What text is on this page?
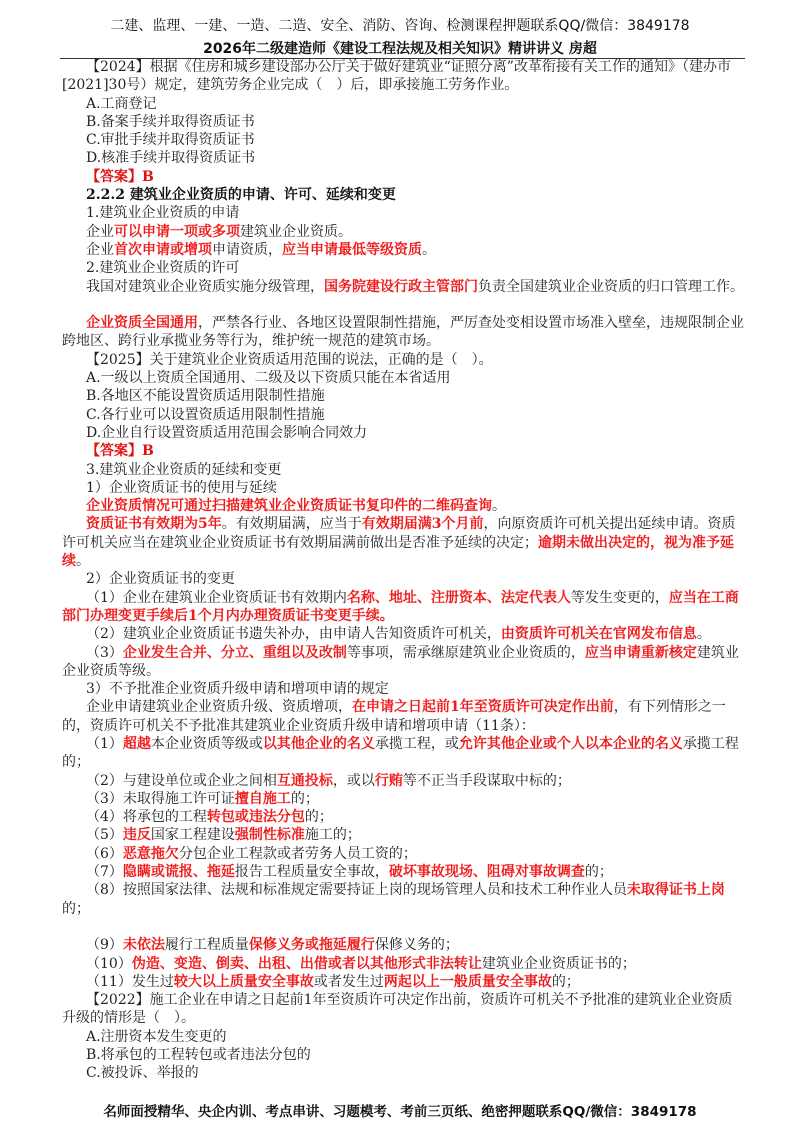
二建、监理、一建、一造、二造、安全、消防、咨询、检测课程押题联系QQ/微信：3849178
2026年二级建造师《建设工程法规及相关知识》精讲讲义 房超

【2024】根据《住房和城乡建设部办公厅关于做好建筑业“证照分离”改革衔接有关工作的通知》（建办市[2021]30号）规定，建筑劳务企业完成（　）后，即承接施工劳务作业。

A.工商登记

B.备案手续并取得资质证书

C.审批手续并取得资质证书

D.核准手续并取得资质证书

【答案】B

2.2.2 建筑业企业资质的申请、许可、延续和变更

1.建筑业企业资质的申请

企业可以申请一项或多项建筑业企业资质。

企业首次申请或增项申请资质，应当申请最低等级资质。

2.建筑业企业资质的许可

我国对建筑业企业资质实施分级管理，国务院建设行政主管部门负责全国建筑业企业资质的归口管理工作。

企业资质全国通用，严禁各行业、各地区设置限制性措施，严厉查处变相设置市场准入壁垒，违规限制企业跨地区、跨行业承揽业务等行为，维护统一规范的建筑市场。

【2025】关于建筑业企业资质适用范围的说法，正确的是（　）。

A.一级以上资质全国通用、二级及以下资质只能在本省适用

B.各地区不能设置资质适用限制性措施

C.各行业可以设置资质适用限制性措施

D.企业自行设置资质适用范围会影响合同效力

【答案】B

3.建筑业企业资质的延续和变更

1）企业资质证书的使用与延续

企业资质情况可通过扫描建筑业企业资质证书复印件的二维码查询。

资质证书有效期为5年。有效期届满，应当于有效期届满3个月前，向原资质许可机关提出延续申请。资质许可机关应当在建筑业企业资质证书有效期届满前做出是否准予延续的决定；逾期未做出决定的，视为准予延续。

2）企业资质证书的变更

（1）企业在建筑业企业资质证书有效期内名称、地址、注册资本、法定代表人等发生变更的，应当在工商部门办理变更手续后1个月内办理资质证书变更手续。

（2）建筑业企业资质证书遗失补办，由申请人告知资质许可机关，由资质许可机关在官网发布信息。

（3）企业发生合并、分立、重组以及改制等事项，需承继原建筑业企业资质的，应当申请重新核定建筑业企业资质等级。

3）不予批准企业资质升级申请和增项申请的规定

企业申请建筑业企业资质升级、资质增项，在申请之日起前1年至资质许可决定作出前，有下列情形之一的，资质许可机关不予批准其建筑业企业资质升级申请和增项申请（11条）：

（1）超越本企业资质等级或以其他企业的名义承揽工程，或允许其他企业或个人以本企业的名义承揽工程的；

（2）与建设单位或企业之间相互通投标，或以行贿等不正当手段谋取中标的；

（3）未取得施工许可证擅自施工的；

（4）将承包的工程转包或违法分包的；

（5）违反国家工程建设强制性标准施工的；

（6）恶意拖欠分包企业工程款或者劳务人员工资的；

（7）隐瞒或谎报、拖延报告工程质量安全事故，破坏事故现场、阻碍对事故调查的；

（8）按照国家法律、法规和标准规定需要持证上岗的现场管理人员和技术工种作业人员未取得证书上岗的；

（9）未依法履行工程质量保修义务或拖延履行保修义务的；

（10）伪造、变造、倒卖、出租、出借或者以其他形式非法转让建筑业企业资质证书的；

（11）发生过较大以上质量安全事故或者发生过两起以上一般质量安全事故的；

【2022】施工企业在申请之日起前1年至资质许可决定作出前，资质许可机关不予批准的建筑业企业资质升级的情形是（　）。

A.注册资本发生变更的

B.将承包的工程转包或者违法分包的

C.被投诉、举报的

名师面授精华、央企内训、考点串讲、习题模考、考前三页纸、绝密押题联系QQ/微信：3849178
